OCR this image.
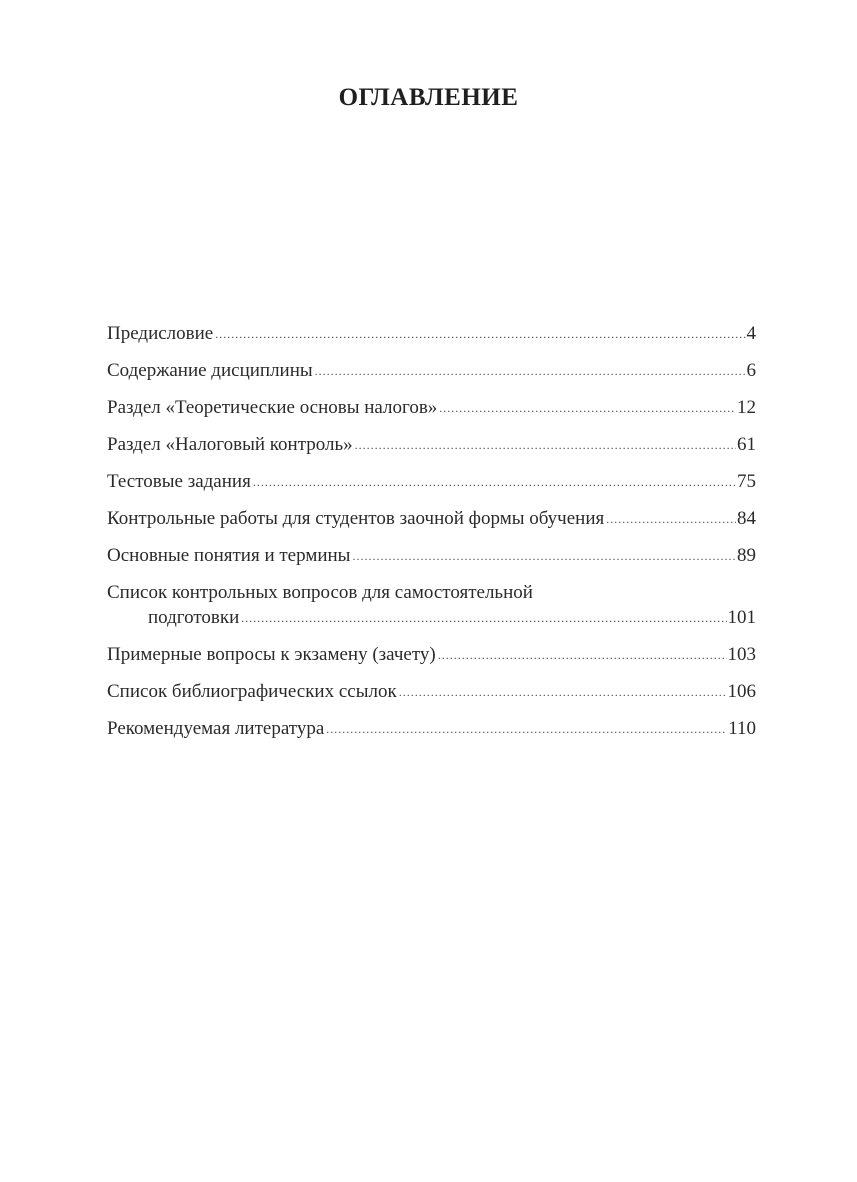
ОГЛАВЛЕНИЕ
Предисловие .....	4
Содержание дисциплины .....	6
Раздел «Теоретические основы налогов» .....	12
Раздел «Налоговый контроль» .....	61
Тестовые задания .....	75
Контрольные работы для студентов заочной формы обучения .....	84
Основные понятия и термины .....	89
Список контрольных вопросов для самостоятельной
подготовки .....	101
Примерные вопросы к экзамену (зачету) .....	103
Список библиографических ссылок .....	106
Рекомендуемая литература .....	110
